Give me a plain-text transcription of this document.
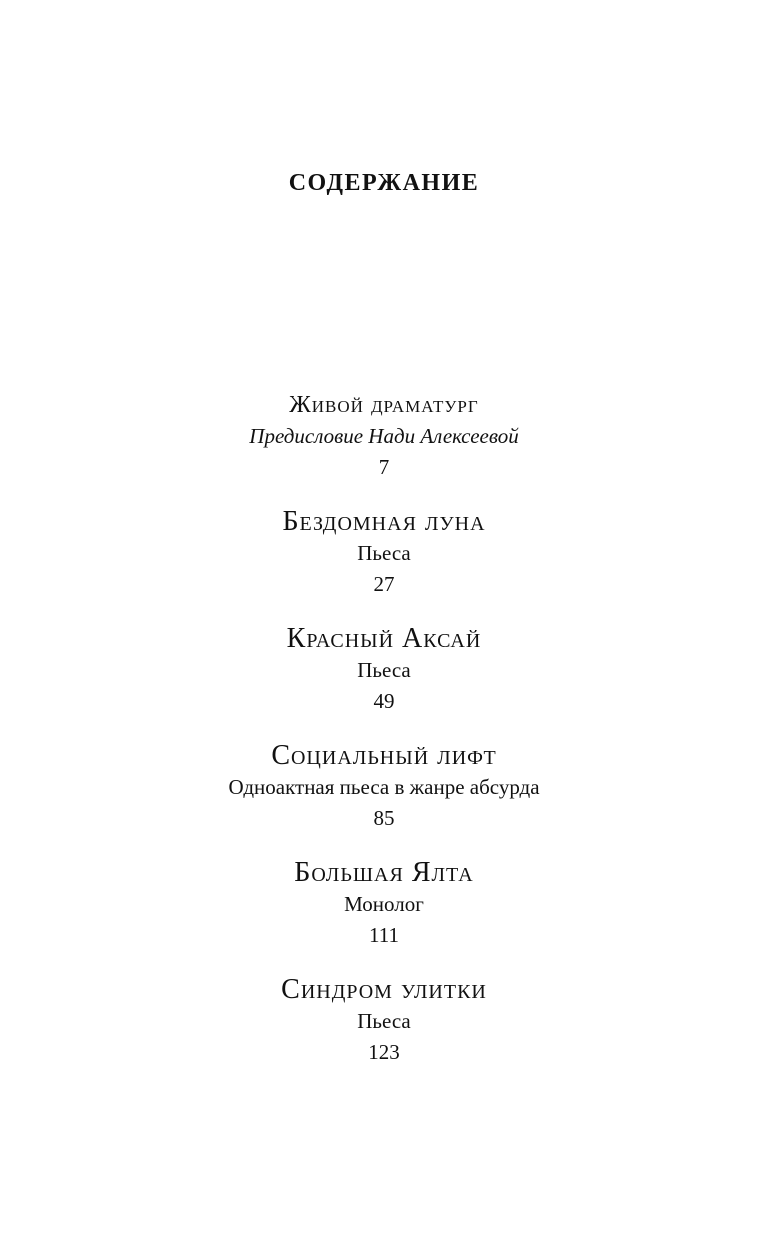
содержание
Живой драматург
Предисловие Нади Алексеевой
7
Бездомная луна
Пьеса
27
Красный Аксай
Пьеса
49
Социальный лифт
Одноактная пьеса в жанре абсурда
85
Большая Ялта
Монолог
111
Синдром улитки
Пьеса
123
